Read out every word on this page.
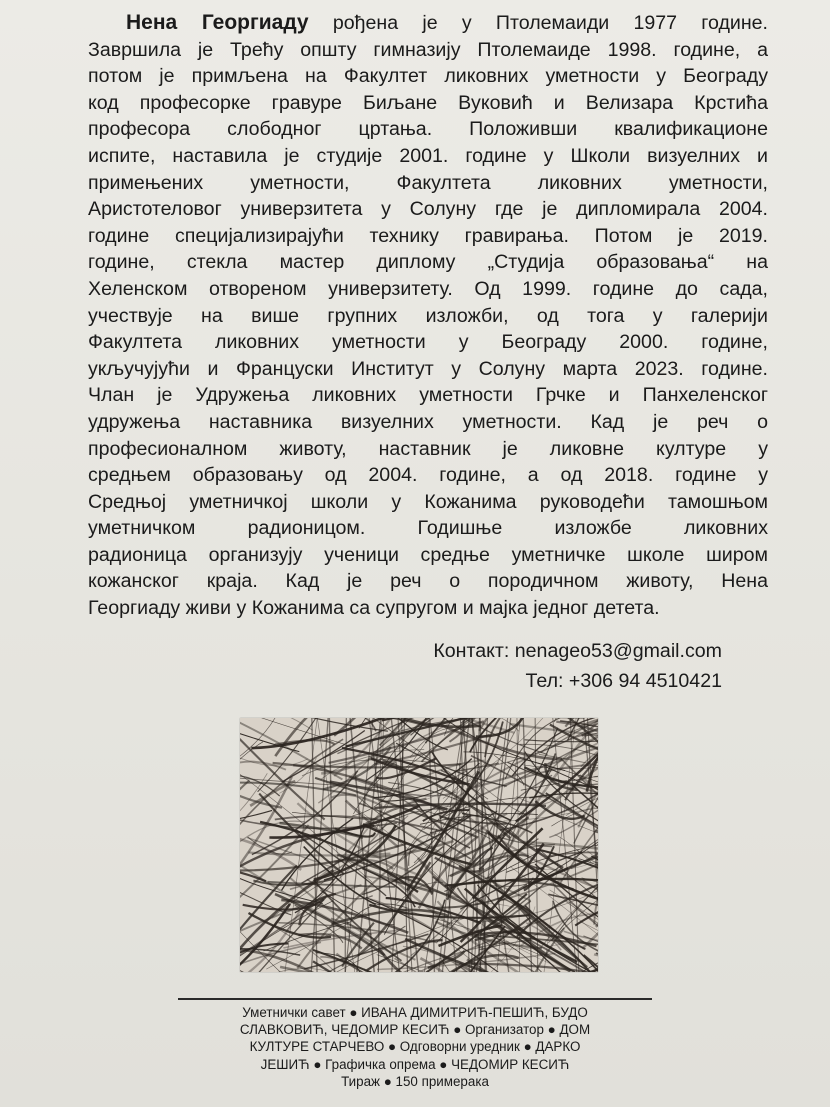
Нена Георгиаду рођена је у Птолемаиди 1977 године.
Завршила је Трећу општу гимназију Птолемаиде 1998. године, а
потом је примљена на Факултет ликовних уметности у Београду
код професорке гравуре Биљане Вуковић и Велизара Крстића
професора слободног цртања. Положивши квалификационе
испите, наставила је студије 2001. године у Школи визуелних и
примењених уметности, Факултета ликовних уметности,
Аристотеловог универзитета у Солуну где је дипломирала 2004.
године специјализирајући технику гравирања. Потом је 2019.
године, стекла мастер диплому „Студија образовања“ на
Хеленском отвореном универзитету. Од 1999. године до сада,
учествује на више групних изложби, од тога у галерији
Факултета ликовних уметности у Београду 2000. године,
укључујући и Француски Институт у Солуну марта 2023. године.
Члан је Удружења ликовних уметности Грчке и Панхеленског
удружења наставника визуелних уметности. Кад је реч о
професионалном животу, наставник је ликовне културе у
средњем образовању од 2004. године, а од 2018. године у
Средњој уметничкој школи у Кожанима руководећи тамошњом
уметничком радионицом. Годишње изложбе ликовних
радионица организују ученици средње уметничке школе широм
кожанског краја. Кад је реч о породичном животу, Нена
Георгиаду живи у Кожанима са супругом и мајка једног детета.
Контакт: nenageo53@gmail.com
Тел: +306 94 4510421
Уметнички савет ● ИВАНА ДИМИТРИЋ-ПЕШИЋ, БУДО
СЛАВКОВИЋ, ЧЕДОМИР КЕСИЋ ● Организатор ● ДОМ
КУЛТУРЕ СТАРЧЕВО ● Одговорни уредник ● ДАРКО
ЈЕШИЋ ● Графичка опрема ● ЧЕДОМИР КЕСИЋ
Тираж ● 150 примерака
